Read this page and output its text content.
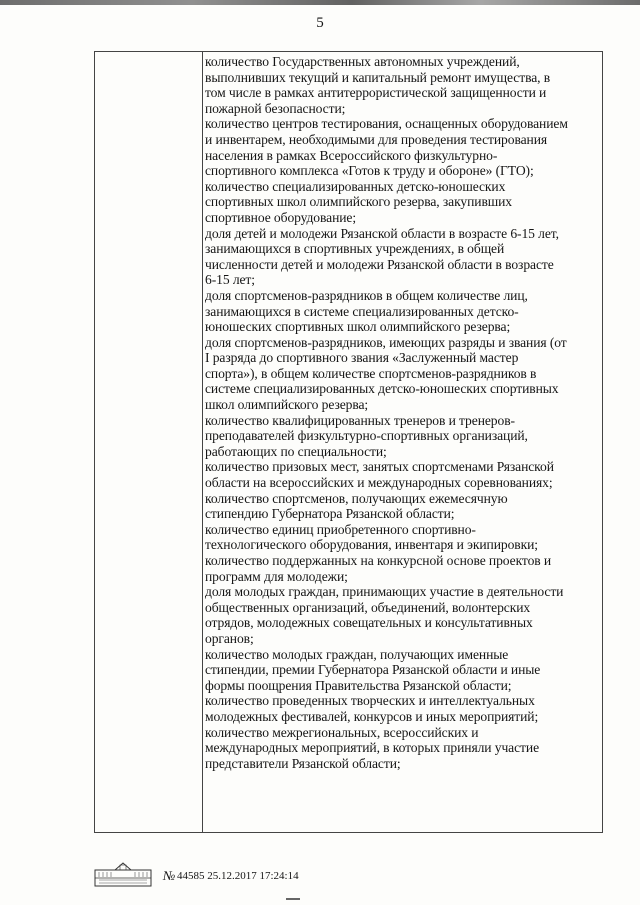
5
количество Государственных автономных учреждений,
выполнивших текущий и капитальный ремонт имущества, в
том числе в рамках антитеррористической защищенности и
пожарной безопасности;
количество центров тестирования, оснащенных оборудованием
и инвентарем, необходимыми для проведения тестирования
населения в рамках Всероссийского физкультурно-
спортивного комплекса «Готов к труду и обороне» (ГТО);
количество специализированных детско-юношеских
спортивных школ олимпийского резерва, закупивших
спортивное оборудование;
доля детей и молодежи Рязанской области в возрасте 6-15 лет,
занимающихся в спортивных учреждениях, в общей
численности детей и молодежи Рязанской области в возрасте
6-15 лет;
доля спортсменов-разрядников в общем количестве лиц,
занимающихся в системе специализированных детско-
юношеских спортивных школ олимпийского резерва;
доля спортсменов-разрядников, имеющих разряды и звания (от
I разряда до спортивного звания «Заслуженный мастер
спорта»), в общем количестве спортсменов-разрядников в
системе специализированных детско-юношеских спортивных
школ олимпийского резерва;
количество квалифицированных тренеров и тренеров-
преподавателей физкультурно-спортивных организаций,
работающих по специальности;
количество призовых мест, занятых спортсменами Рязанской
области на всероссийских и международных соревнованиях;
количество спортсменов, получающих ежемесячную
стипендию Губернатора Рязанской области;
количество единиц приобретенного спортивно-
технологического оборудования, инвентаря и экипировки;
количество поддержанных на конкурсной основе проектов и
программ для молодежи;
доля молодых граждан, принимающих участие в деятельности
общественных организаций, объединений, волонтерских
отрядов, молодежных совещательных и консультативных
органов;
количество молодых граждан, получающих именные
стипендии, премии Губернатора Рязанской области и иные
формы поощрения Правительства Рязанской области;
количество проведенных творческих и интеллектуальных
молодежных фестивалей, конкурсов и иных мероприятий;
количество межрегиональных, всероссийских и
международных мероприятий, в которых приняли участие
представители Рязанской области;
№ 44585 25.12.2017 17:24:14
